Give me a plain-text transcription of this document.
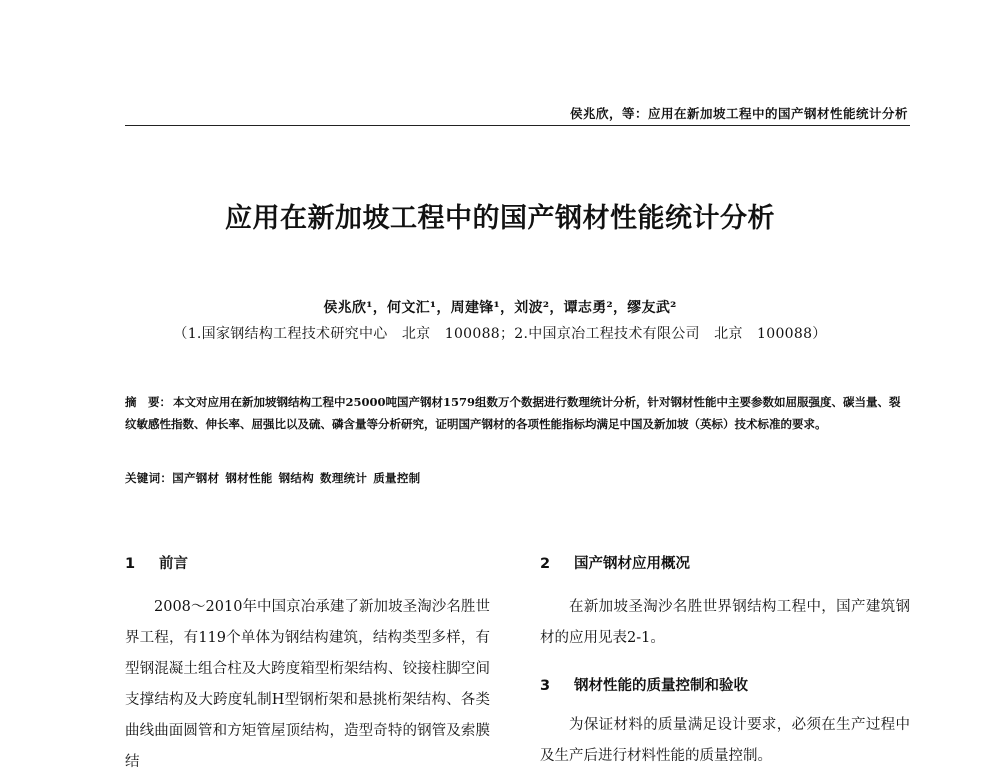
侯兆欣，等：应用在新加坡工程中的国产钢材性能统计分析
应用在新加坡工程中的国产钢材性能统计分析
侯兆欣¹，何文汇¹，周建锋¹，刘波²，谭志勇²，缪友武²
（1.国家钢结构工程技术研究中心　北京　100088；2.中国京冶工程技术有限公司　北京　100088）
摘　要： 本文对应用在新加坡钢结构工程中25000吨国产钢材1579组数万个数据进行数理统计分析，针对钢材性能中主要参数如屈服强度、碳当量、裂纹敏感性指数、伸长率、屈强比以及硫、磷含量等分析研究，证明国产钢材的各项性能指标均满足中国及新加坡（英标）技术标准的要求。
关键词：国产钢材 钢材性能 钢结构 数理统计 质量控制
1 前言

2008～2010年中国京冶承建了新加坡圣淘沙名胜世界工程，有119个单体为钢结构建筑，结构类型多样，有型钢混凝土组合柱及大跨度箱型桁架结构、铰接柱脚空间支撑结构及大跨度轧制H型钢桁架和悬挑桁架结构、各类曲线曲面圆管和方矩管屋顶结构，造型奇特的钢管及索膜结

2 国产钢材应用概况

在新加坡圣淘沙名胜世界钢结构工程中，国产建筑钢材的应用见表2-1。

3 钢材性能的质量控制和验收

为保证材料的质量满足设计要求，必须在生产过程中及生产后进行材料性能的质量控制。
